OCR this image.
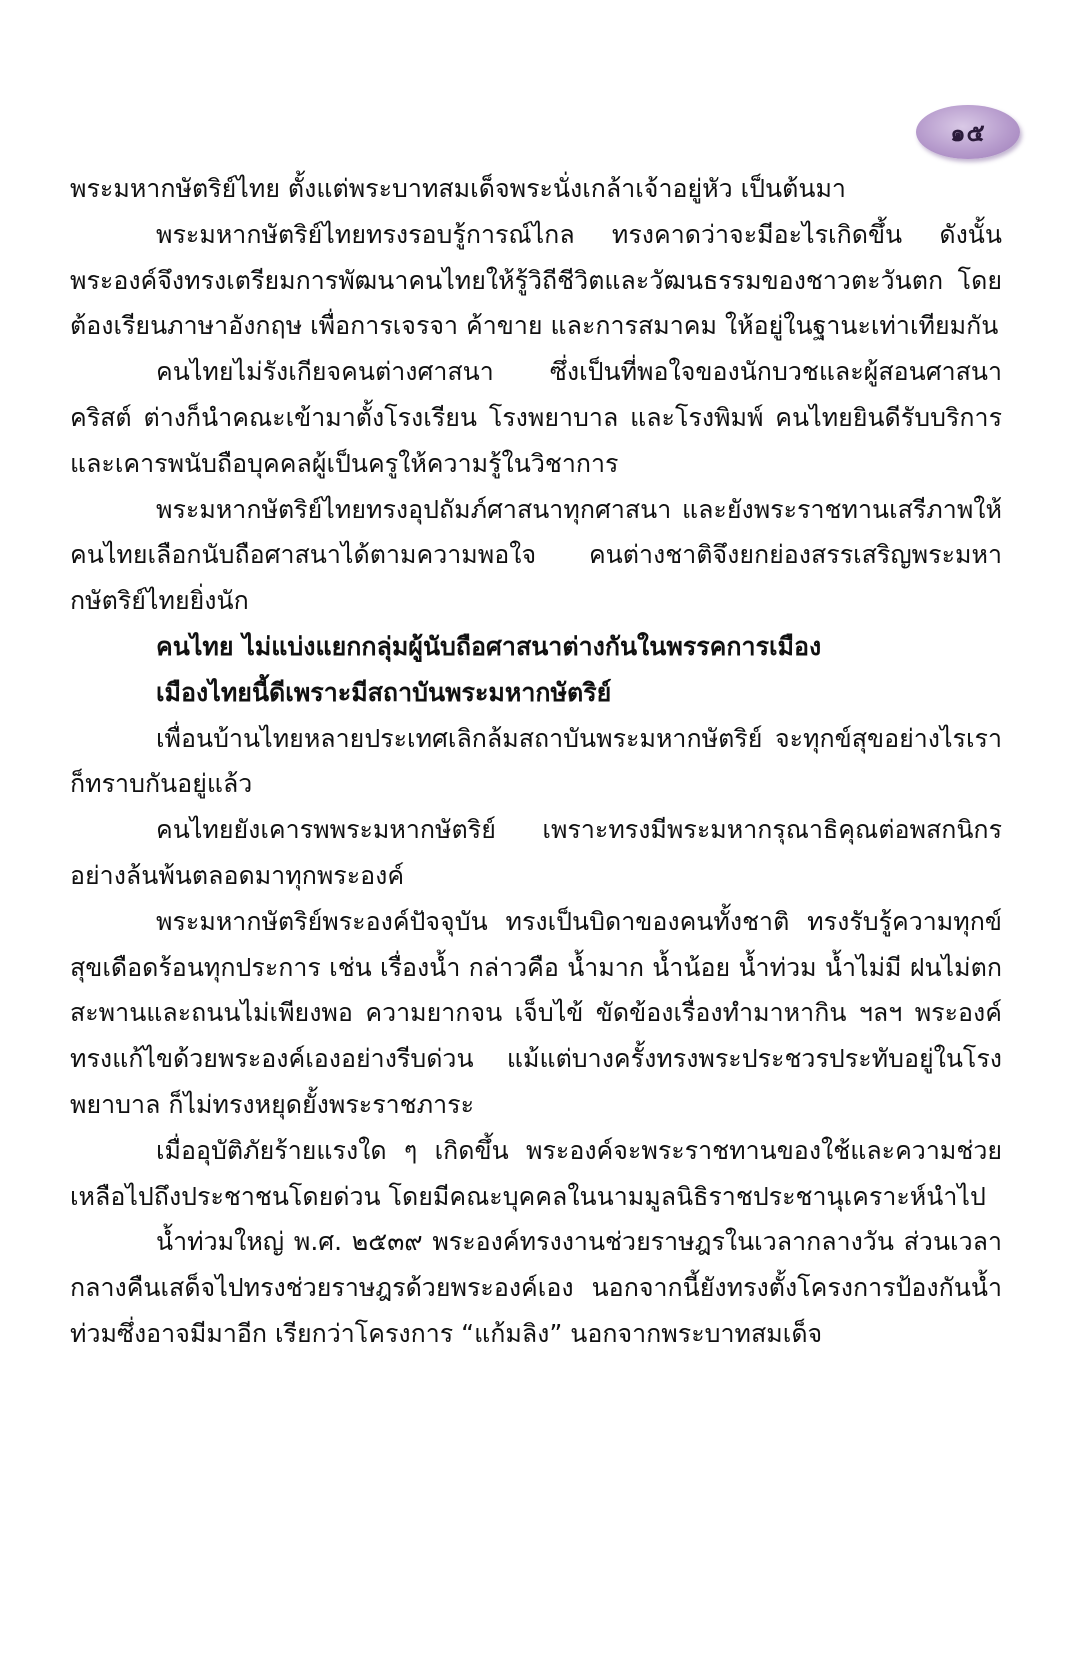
๑๕

พระมหากษัตริย์ไทย ตั้งแต่พระบาทสมเด็จพระนั่งเกล้าเจ้าอยู่หัว เป็นต้นมา

พระมหากษัตริย์ไทยทรงรอบรู้การณ์ไกล ทรงคาดว่าจะมีอะไรเกิดขึ้น ดังนั้น พระองค์จึงทรงเตรียมการพัฒนาคนไทยให้รู้วิถีชีวิตและวัฒนธรรมของชาวตะวันตก โดยต้องเรียนภาษาอังกฤษ เพื่อการเจรจา ค้าขาย และการสมาคม ให้อยู่ในฐานะเท่าเทียมกัน

คนไทยไม่รังเกียจคนต่างศาสนา ซึ่งเป็นที่พอใจของนักบวชและผู้สอนศาสนาคริสต์ ต่างก็นำคณะเข้ามาตั้งโรงเรียน โรงพยาบาล และโรงพิมพ์ คนไทยยินดีรับบริการ และเคารพนับถือบุคคลผู้เป็นครูให้ความรู้ในวิชาการ

พระมหากษัตริย์ไทยทรงอุปถัมภ์ศาสนาทุกศาสนา และยังพระราชทานเสรีภาพให้คนไทยเลือกนับถือศาสนาได้ตามความพอใจ คนต่างชาติจึงยกย่องสรรเสริญพระมหากษัตริย์ไทยยิ่งนัก

คนไทย ไม่แบ่งแยกกลุ่มผู้นับถือศาสนาต่างกันในพรรคการเมือง

เมืองไทยนี้ดีเพราะมีสถาบันพระมหากษัตริย์

เพื่อนบ้านไทยหลายประเทศเลิกล้มสถาบันพระมหากษัตริย์ จะทุกข์สุขอย่างไรเราก็ทราบกันอยู่แล้ว

คนไทยยังเคารพพระมหากษัตริย์ เพราะทรงมีพระมหากรุณาธิคุณต่อพสกนิกรอย่างล้นพ้นตลอดมาทุกพระองค์

พระมหากษัตริย์พระองค์ปัจจุบัน ทรงเป็นบิดาของคนทั้งชาติ ทรงรับรู้ความทุกข์สุขเดือดร้อนทุกประการ เช่น เรื่องน้ำ กล่าวคือ น้ำมาก น้ำน้อย น้ำท่วม น้ำไม่มี ฝนไม่ตก สะพานและถนนไม่เพียงพอ ความยากจน เจ็บไข้ ขัดข้องเรื่องทำมาหากิน ฯลฯ พระองค์ทรงแก้ไขด้วยพระองค์เองอย่างรีบด่วน แม้แต่บางครั้งทรงพระประชวรประทับอยู่ในโรงพยาบาล ก็ไม่ทรงหยุดยั้งพระราชภาระ

เมื่ออุบัติภัยร้ายแรงใด ๆ เกิดขึ้น พระองค์จะพระราชทานของใช้และความช่วยเหลือไปถึงประชาชนโดยด่วน โดยมีคณะบุคคลในนามมูลนิธิราชประชานุเคราะห์นำไป

น้ำท่วมใหญ่ พ.ศ. ๒๕๓๙ พระองค์ทรงงานช่วยราษฎรในเวลากลางวัน ส่วนเวลากลางคืนเสด็จไปทรงช่วยราษฎรด้วยพระองค์เอง นอกจากนี้ยังทรงตั้งโครงการป้องกันน้ำท่วมซึ่งอาจมีมาอีก เรียกว่าโครงการ “แก้มลิง” นอกจากพระบาทสมเด็จ
